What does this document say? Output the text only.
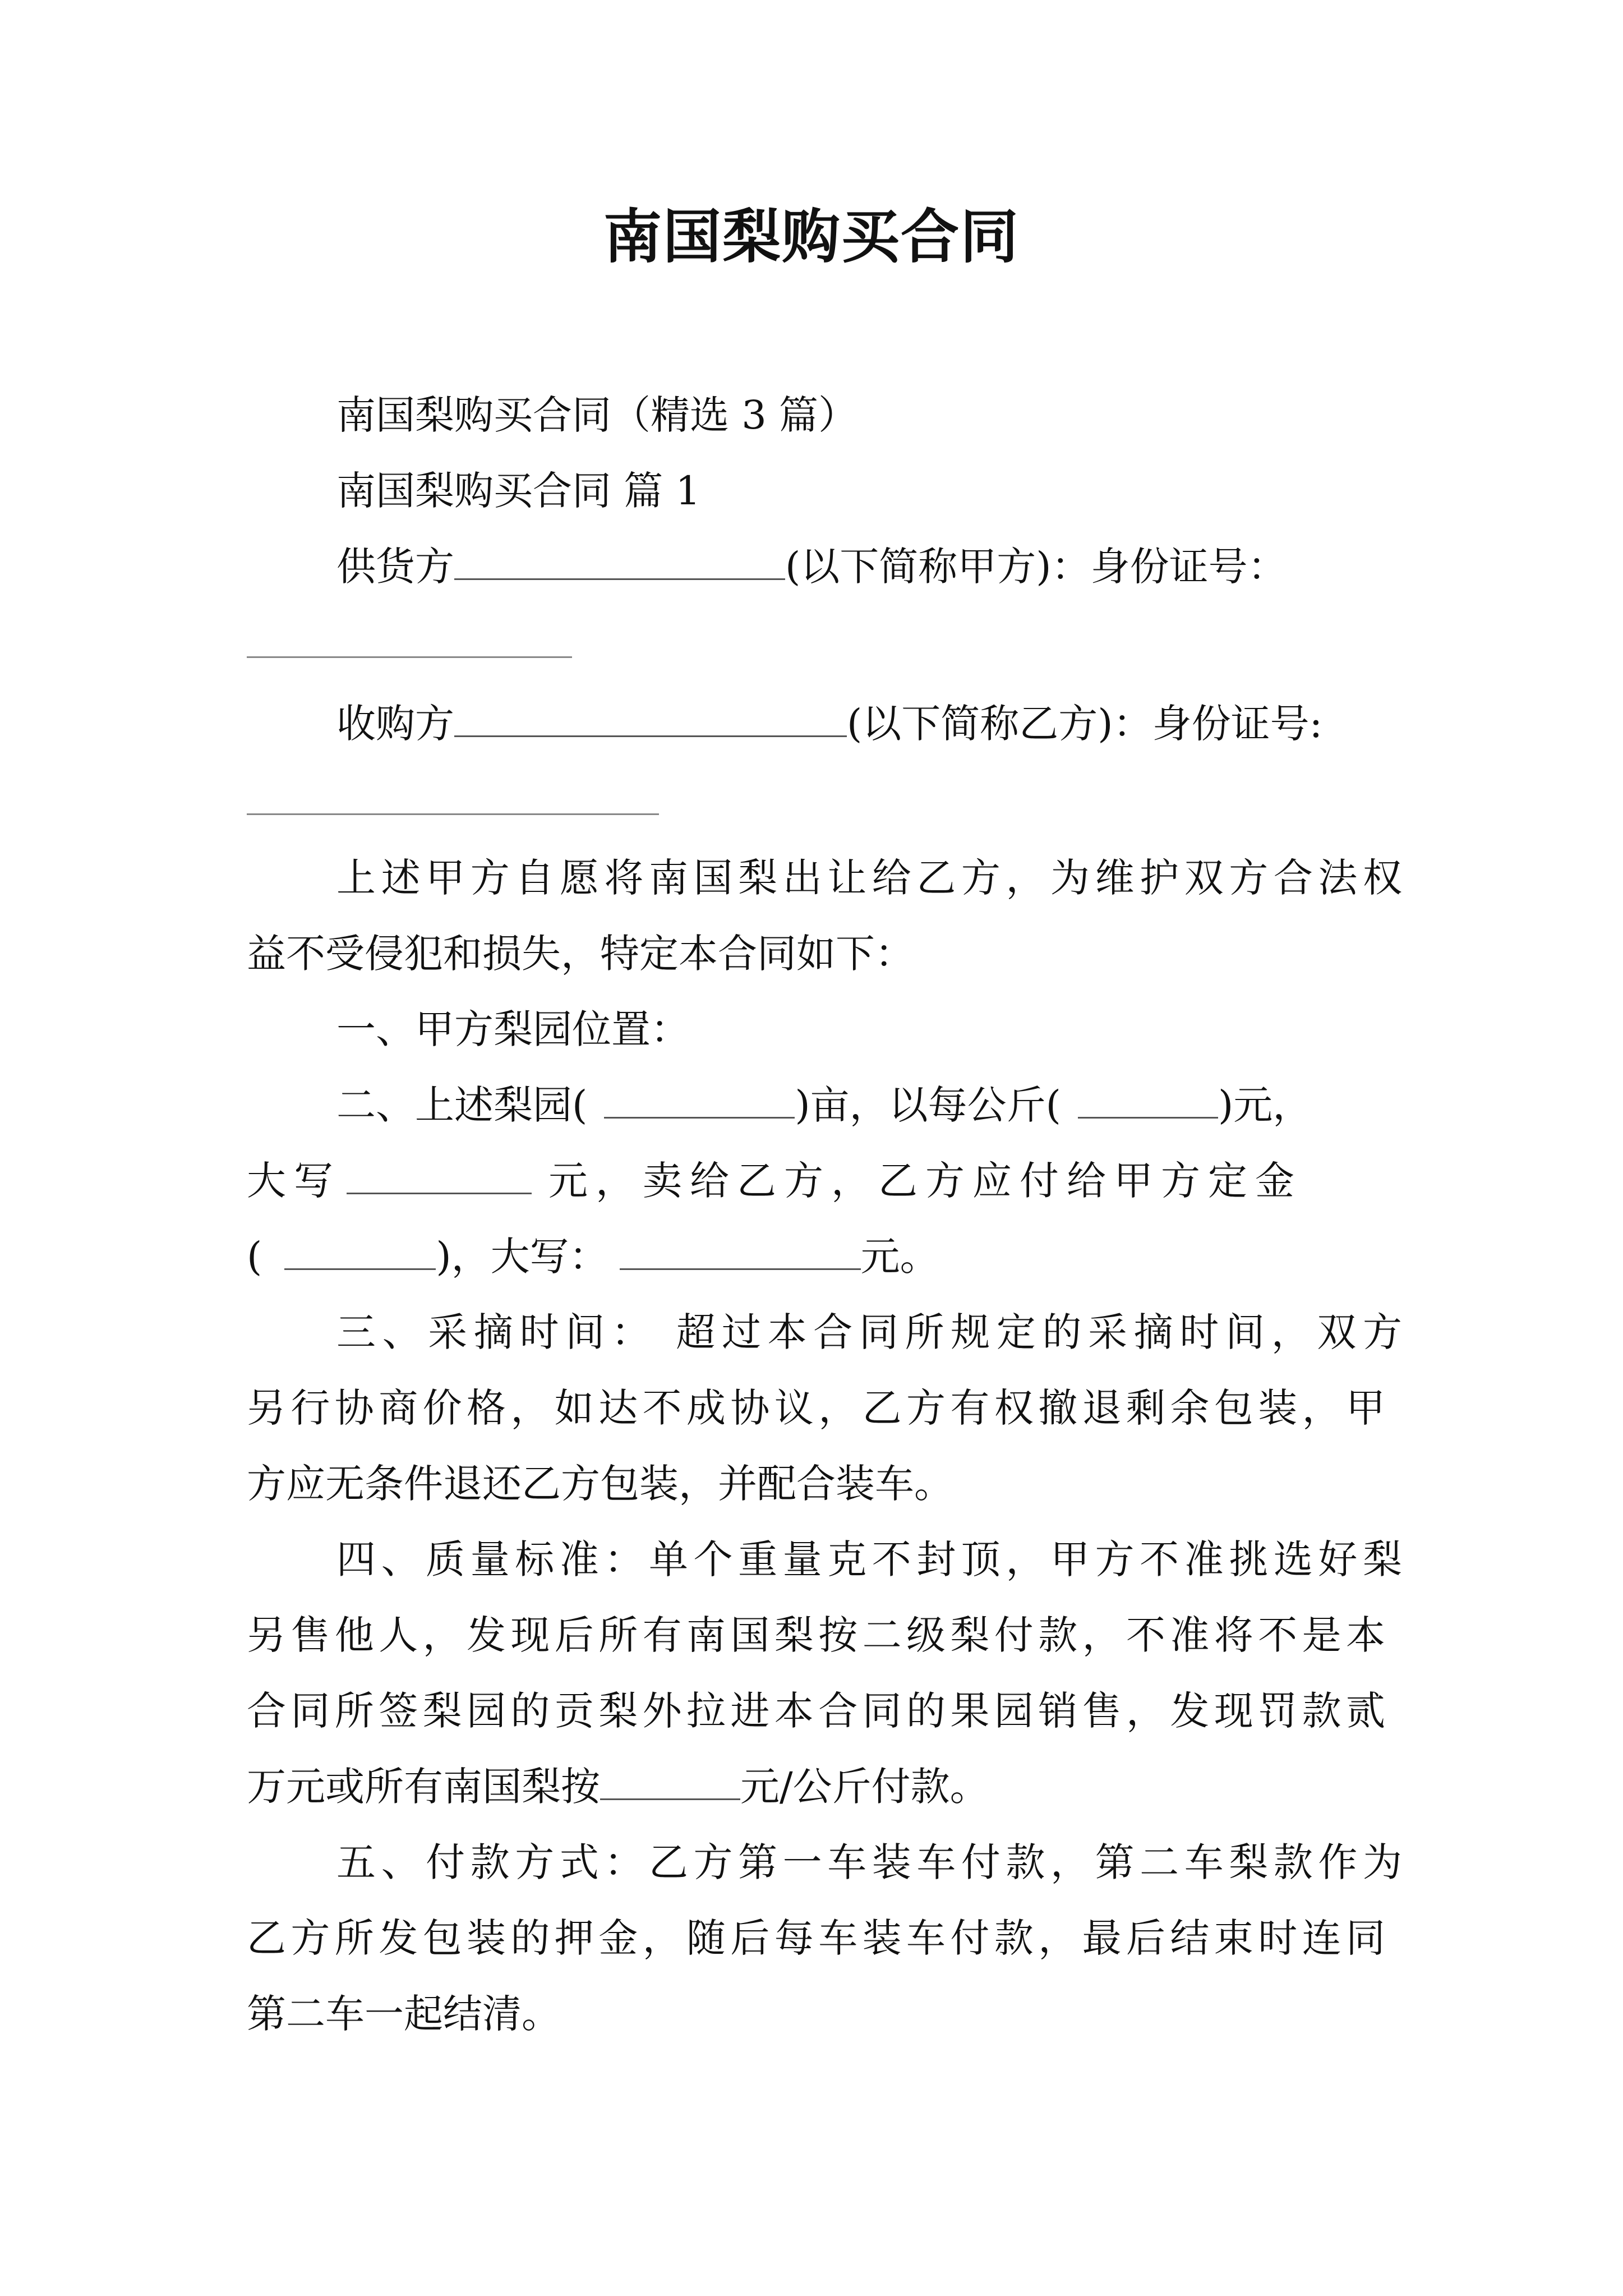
南国梨购买合同
南国梨购买合同（精选 3 篇）
南国梨购买合同 篇 1
供货方	(以下简称甲方)：身份证号：
收购方	(以下简称乙方)：身份证号:
上述甲方自愿将南国梨出让给乙方，为维护双方合法权
益不受侵犯和损失，特定本合同如下：
一、甲方梨园位置：
二、上述梨园(	)亩，以每公斤(	)元，
大写	元，卖给乙方，乙方应付给甲方定金
(	)，大写：	元。
三、采摘时间： 超过本合同所规定的采摘时间，双方
另行协商价格，如达不成协议，乙方有权撤退剩余包装，甲
方应无条件退还乙方包装，并配合装车。
四、质量标准：单个重量克不封顶，甲方不准挑选好梨
另售他人，发现后所有南国梨按二级梨付款，不准将不是本
合同所签梨园的贡梨外拉进本合同的果园销售，发现罚款贰
万元或所有南国梨按	元/公斤付款。
五、付款方式：乙方第一车装车付款，第二车梨款作为
乙方所发包装的押金，随后每车装车付款，最后结束时连同
第二车一起结清。
